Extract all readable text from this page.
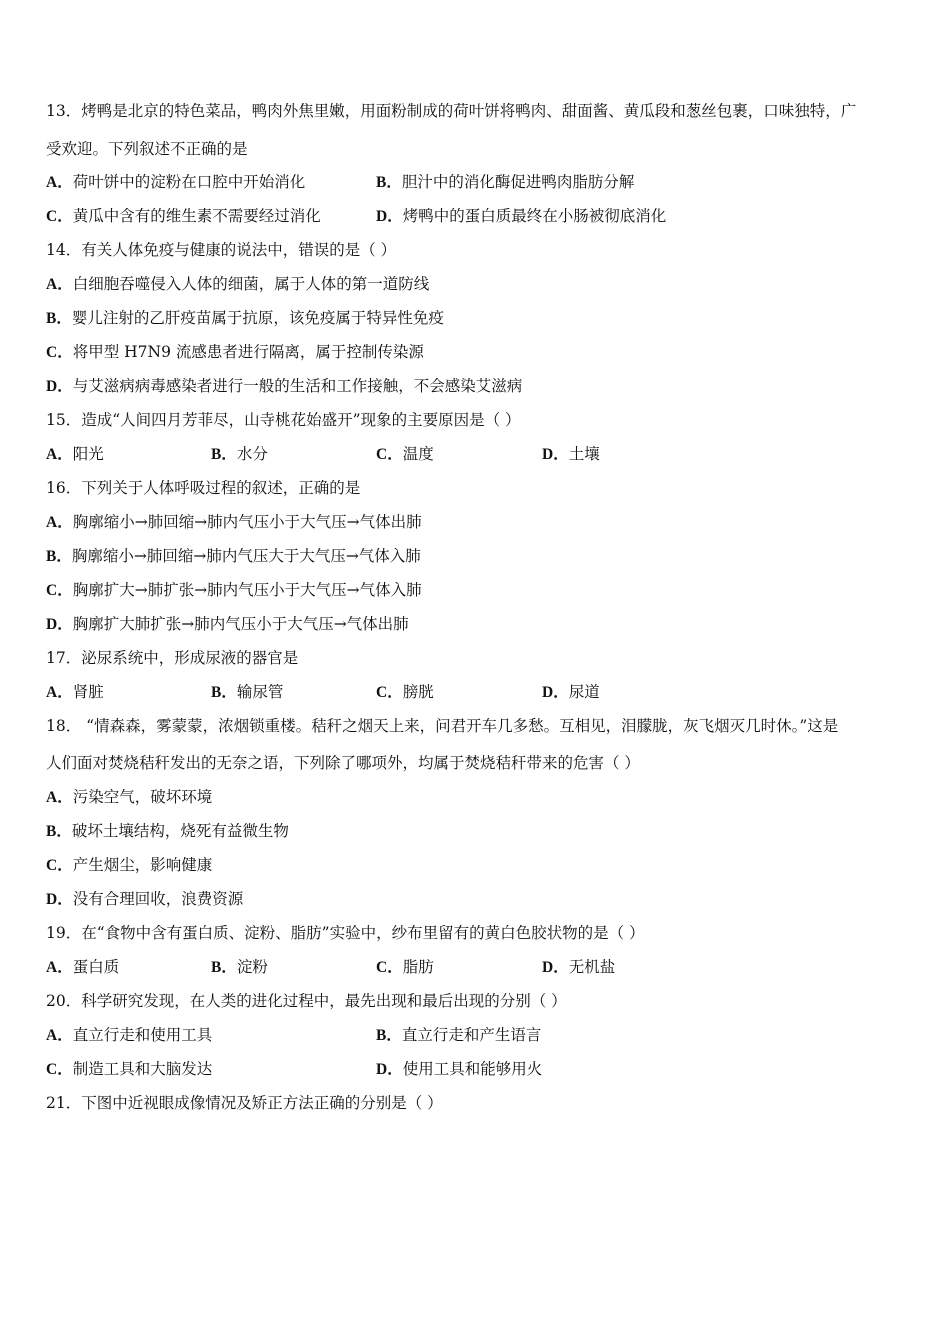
13．烤鸭是北京的特色菜品，鸭肉外焦里嫩，用面粉制成的荷叶饼将鸭肉、甜面酱、黄瓜段和葱丝包裹，口味独特，广
受欢迎。下列叙述不正确的是
A．荷叶饼中的淀粉在口腔中开始消化	B．胆汁中的消化酶促进鸭肉脂肪分解
C．黄瓜中含有的维生素不需要经过消化	D．烤鸭中的蛋白质最终在小肠被彻底消化
14．有关人体免疫与健康的说法中，错误的是（ ）
A．白细胞吞噬侵入人体的细菌，属于人体的第一道防线
B．婴儿注射的乙肝疫苗属于抗原，该免疫属于特异性免疫
C．将甲型 H7N9 流感患者进行隔离，属于控制传染源
D．与艾滋病病毒感染者进行一般的生活和工作接触，不会感染艾滋病
15．造成“人间四月芳菲尽，山寺桃花始盛开”现象的主要原因是（ ）
A．阳光	B．水分	C．温度	D．土壤
16．下列关于人体呼吸过程的叙述，正确的是
A．胸廓缩小→肺回缩→肺内气压小于大气压→气体出肺
B．胸廓缩小→肺回缩→肺内气压大于大气压→气体入肺
C．胸廓扩大→肺扩张→肺内气压小于大气压→气体入肺
D．胸廓扩大肺扩张→肺内气压小于大气压→气体出肺
17．泌尿系统中，形成尿液的器官是
A．肾脏	B．输尿管	C．膀胱	D．尿道
18． “情森森，雾蒙蒙，浓烟锁重楼。秸秆之烟天上来，问君开车几多愁。互相见，泪朦胧，灰飞烟灭几时休。”这是
人们面对焚烧秸秆发出的无奈之语，下列除了哪项外，均属于焚烧秸秆带来的危害（ ）
A．污染空气，破坏环境
B．破坏土壤结构，烧死有益微生物
C．产生烟尘，影响健康
D．没有合理回收，浪费资源
19．在“食物中含有蛋白质、淀粉、脂肪”实验中，纱布里留有的黄白色胶状物的是（ ）
A．蛋白质	B．淀粉	C．脂肪	D．无机盐
20．科学研究发现，在人类的进化过程中，最先出现和最后出现的分别（ ）
A．直立行走和使用工具	B．直立行走和产生语言
C．制造工具和大脑发达	D．使用工具和能够用火
21．下图中近视眼成像情况及矫正方法正确的分别是（ ）
